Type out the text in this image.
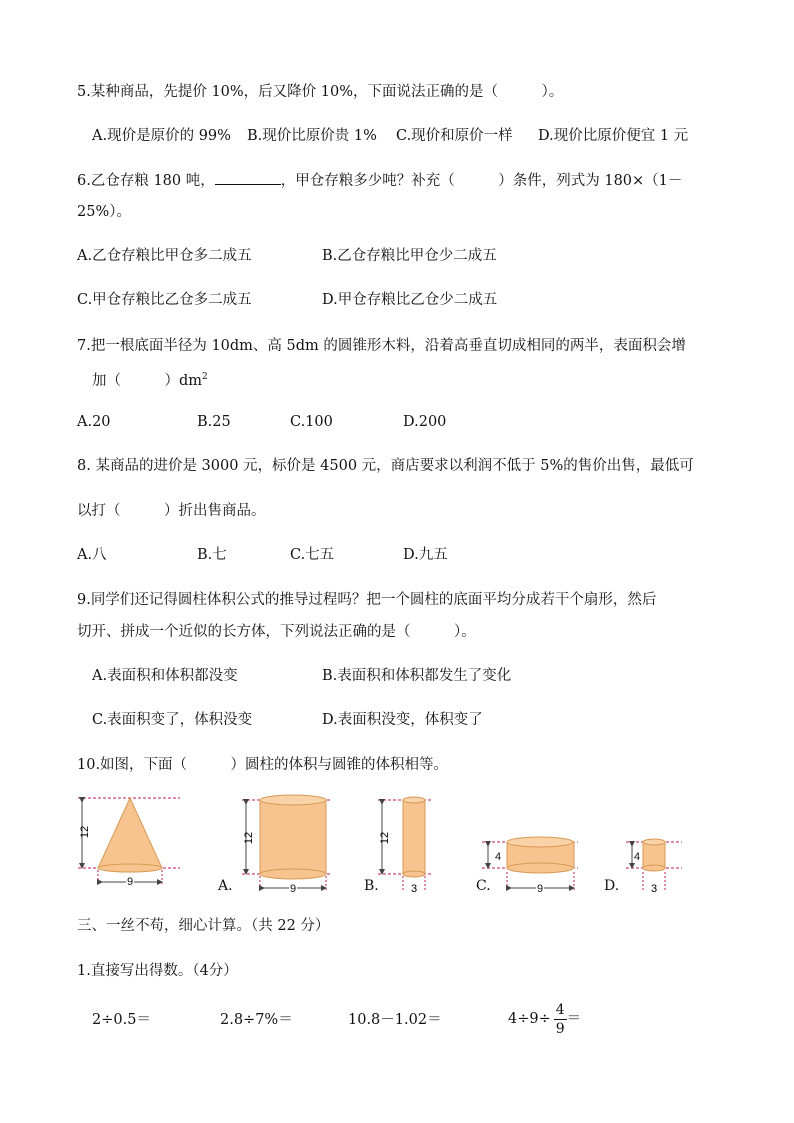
5.某种商品，先提价 10%，后又降价 10%，下面说法正确的是（　　　）。
A.现价是原价的 99% B.现价比原价贵 1% C.现价和原价一样 D.现价比原价便宜 1 元
6.乙仓存粮 180 吨，	，甲仓存粮多少吨？补充（　　　）条件，列式为 180×（1－
25%）。
A.乙仓存粮比甲仓多二成五	B.乙仓存粮比甲仓少二成五
C.甲仓存粮比乙仓多二成五	D.甲仓存粮比乙仓少二成五
7.把一根底面半径为 10dm、高 5dm 的圆锥形木料，沿着高垂直切成相同的两半，表面积会增
加（　　　）$dm^2$
A.20	B.25	C.100	D.200
8. 某商品的进价是 3000 元，标价是 4500 元，商店要求以利润不低于 5%的售价出售，最低可
以打（　　　）折出售商品。
A.八	B.七	C.七五	D.九五
9.同学们还记得圆柱体积公式的推导过程吗？把一个圆柱的底面平均分成若干个扇形，然后
切开、拼成一个近似的长方体，下列说法正确的是（　　　）。
A.表面积和体积都没变	B.表面积和体积都发生了变化
C.表面积变了，体积没变	D.表面积没变，体积变了
10.如图，下面（　　　）圆柱的体积与圆锥的体积相等。
12
9
12
9
12
3
4
9
4
3
A.	B.	C.	D.
三、一丝不苟，细心计算。（共 22 分）
1.直接写出得数。（4分）
2÷0.5＝	2.8÷7%＝	10.8－1.02＝	$4\div 9\div \frac{4}{9}$ ＝
